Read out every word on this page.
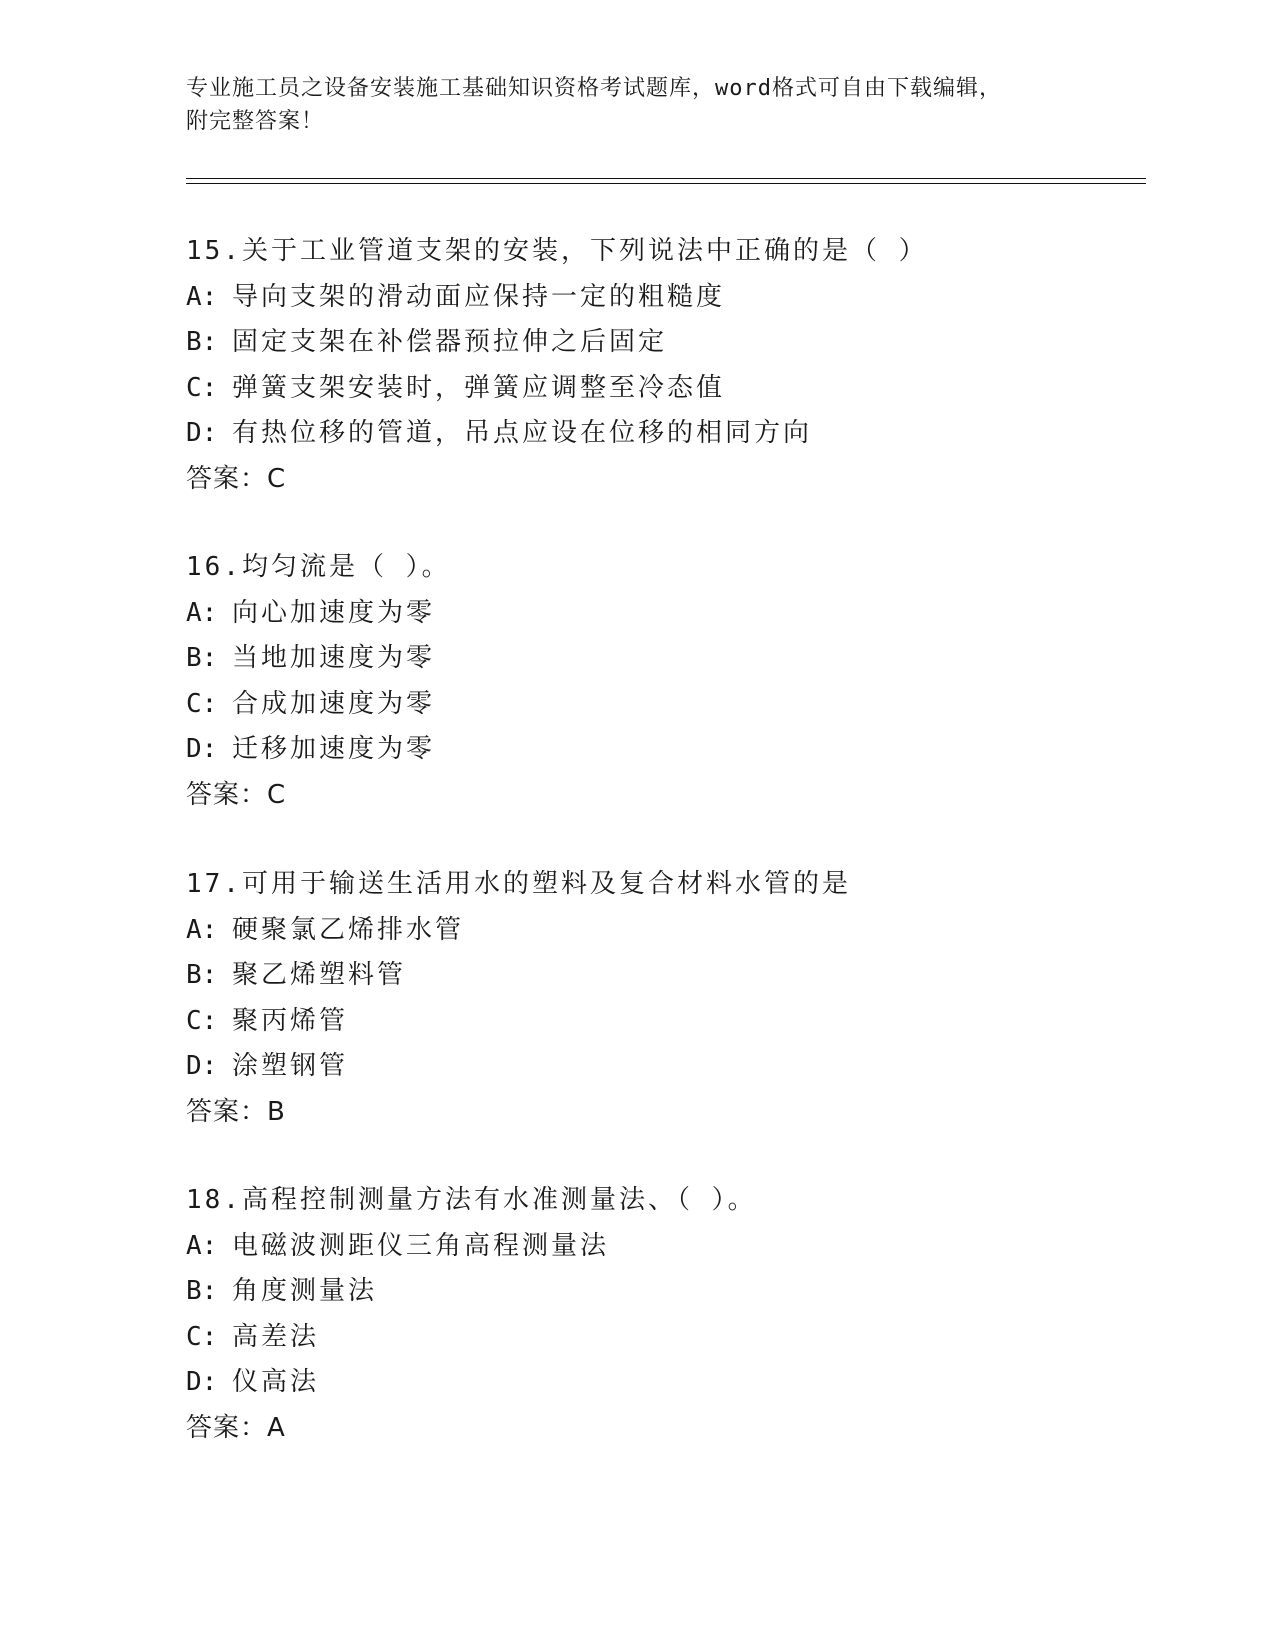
专业施工员之设备安装施工基础知识资格考试题库，word格式可自由下载编辑，
附完整答案！
15.关于工业管道支架的安装，下列说法中正确的是（ ）
A: 导向支架的滑动面应保持一定的粗糙度
B: 固定支架在补偿器预拉伸之后固定
C: 弹簧支架安装时，弹簧应调整至冷态值
D: 有热位移的管道，吊点应设在位移的相同方向
答案：C
16.均匀流是（ ）。
A: 向心加速度为零
B: 当地加速度为零
C: 合成加速度为零
D: 迁移加速度为零
答案：C
17.可用于输送生活用水的塑料及复合材料水管的是
A: 硬聚氯乙烯排水管
B: 聚乙烯塑料管
C: 聚丙烯管
D: 涂塑钢管
答案：B
18.高程控制测量方法有水准测量法、（ ）。
A: 电磁波测距仪三角高程测量法
B: 角度测量法
C: 高差法
D: 仪高法
答案：A
